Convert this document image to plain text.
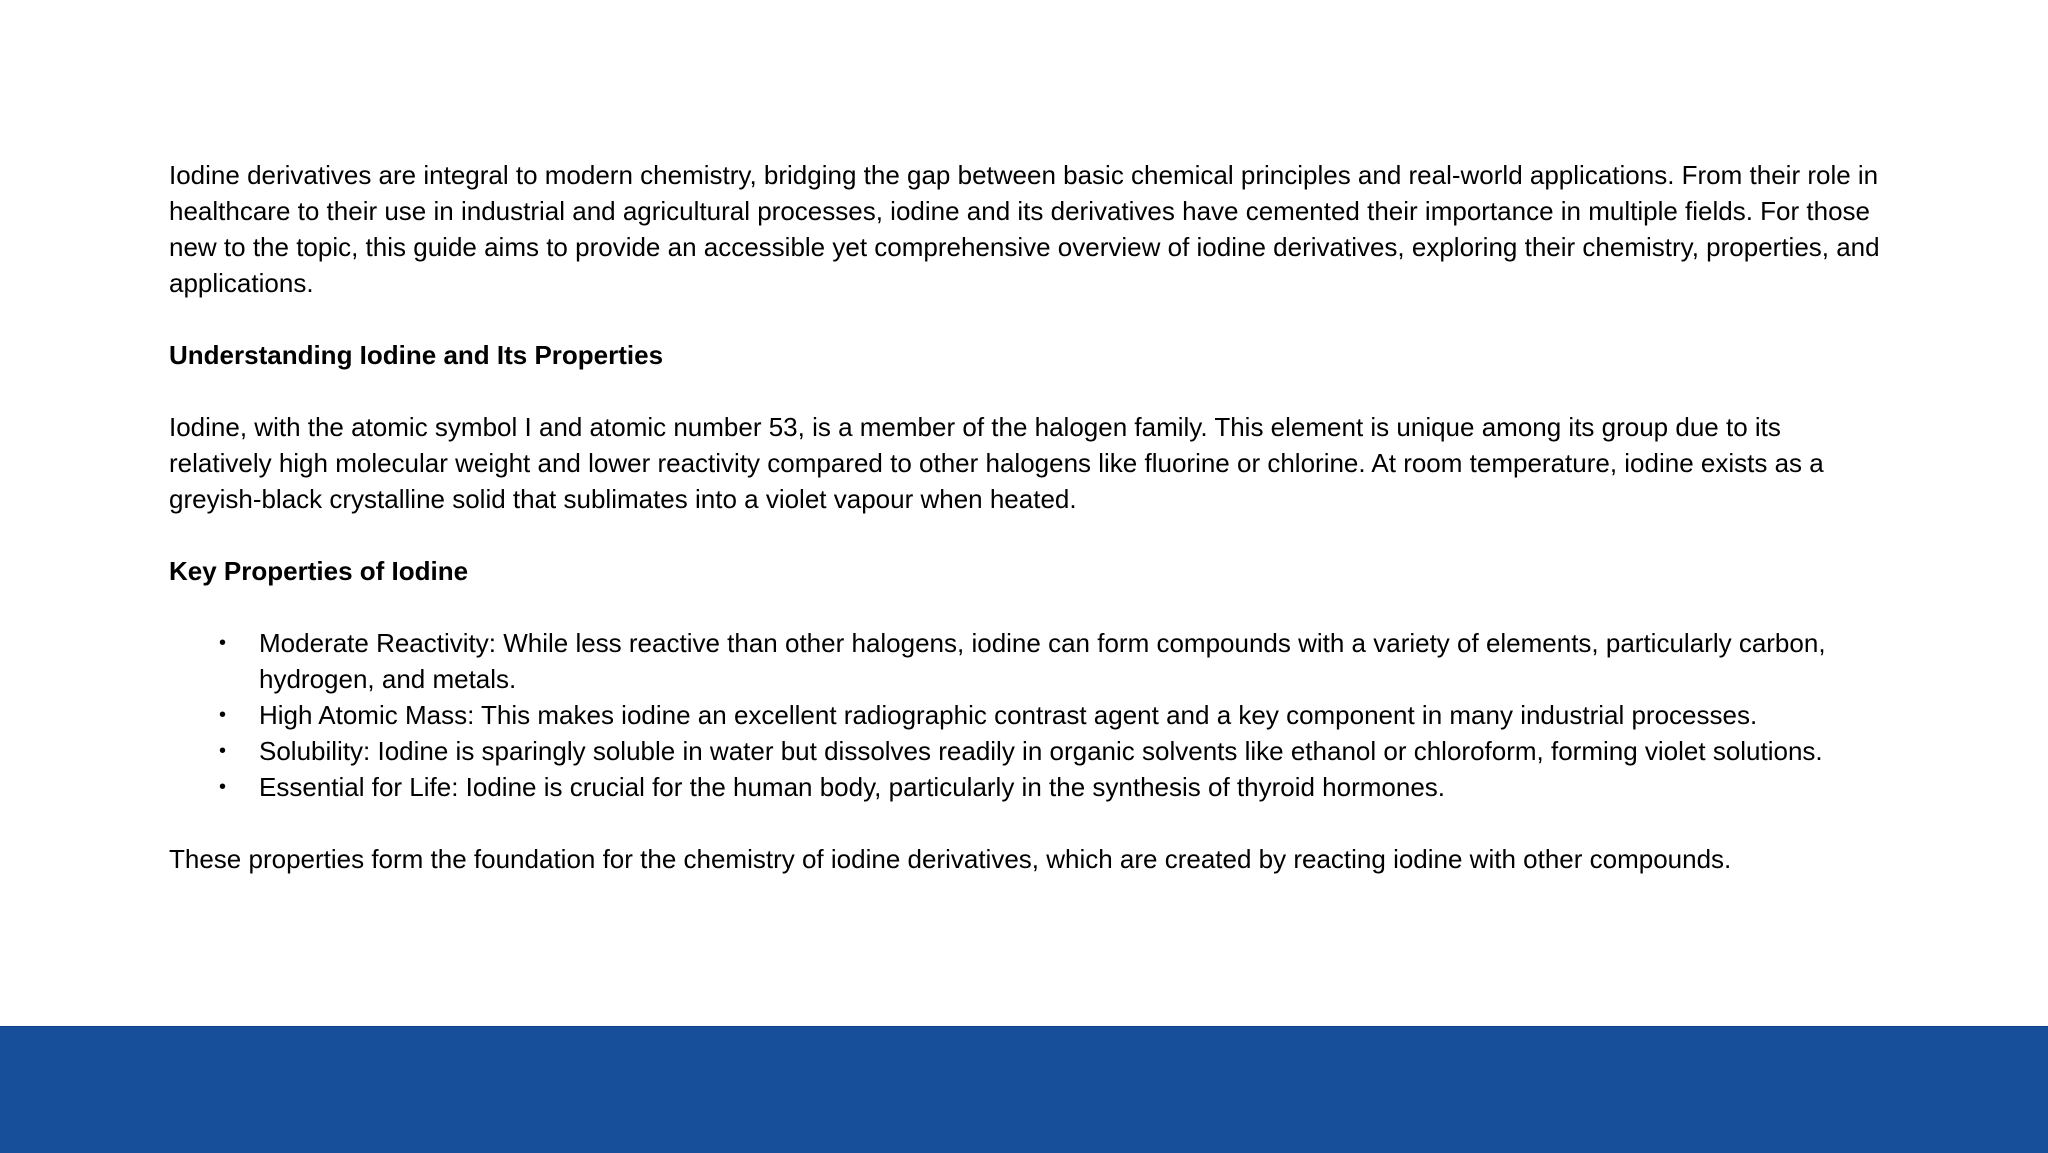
Iodine derivatives are integral to modern chemistry, bridging the gap between basic chemical principles and real-world applications. From their role in healthcare to their use in industrial and agricultural processes, iodine and its derivatives have cemented their importance in multiple fields. For those new to the topic, this guide aims to provide an accessible yet comprehensive overview of iodine derivatives, exploring their chemistry, properties, and applications.

Understanding Iodine and Its Properties

Iodine, with the atomic symbol I and atomic number 53, is a member of the halogen family. This element is unique among its group due to its relatively high molecular weight and lower reactivity compared to other halogens like fluorine or chlorine. At room temperature, iodine exists as a greyish-black crystalline solid that sublimates into a violet vapour when heated.

Key Properties of Iodine

• Moderate Reactivity: While less reactive than other halogens, iodine can form compounds with a variety of elements, particularly carbon, hydrogen, and metals.
• High Atomic Mass: This makes iodine an excellent radiographic contrast agent and a key component in many industrial processes.
• Solubility: Iodine is sparingly soluble in water but dissolves readily in organic solvents like ethanol or chloroform, forming violet solutions.
• Essential for Life: Iodine is crucial for the human body, particularly in the synthesis of thyroid hormones.

These properties form the foundation for the chemistry of iodine derivatives, which are created by reacting iodine with other compounds.
